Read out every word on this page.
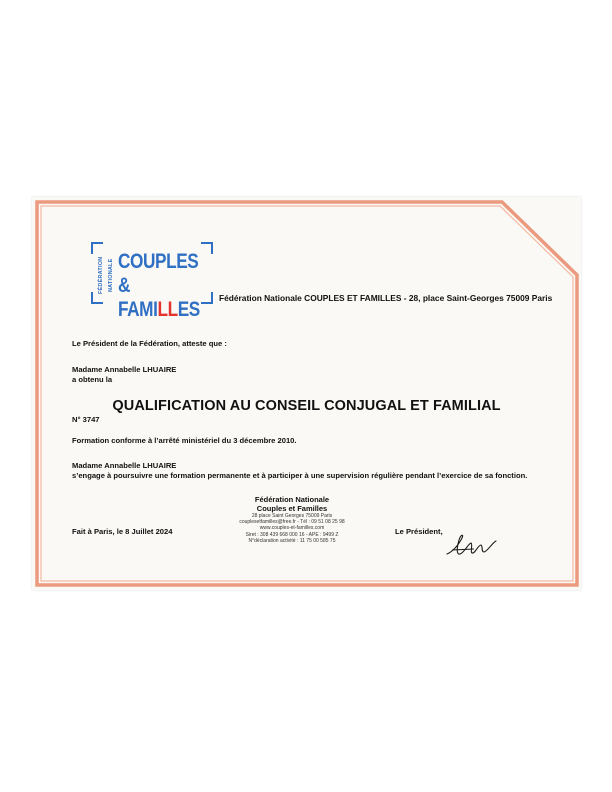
FÉDÉRATION NATIONALE COUPLES
& FAMILLES Fédération Nationale COUPLES ET FAMILLES - 28, place Saint-Georges 75009 Paris
Le Président de la Fédération, atteste que :
Madame Annabelle LHUAIRE
a obtenu la
QUALIFICATION AU CONSEIL CONJUGAL ET FAMILIAL
N° 3747
Formation conforme à l’arrêté ministériel du 3 décembre 2010.
Madame Annabelle LHUAIRE
s’engage à poursuivre une formation permanente et à participer à une supervision régulière pendant l’exercice de sa fonction.
Fédération Nationale
Couples et Familles
28 place Saint Georges 75009 Paris
couplesetfamilles@free.fr - Tél : 09 51 08 25 98
www.couples-et-familles.com
Siret : 308 439 668 000 16 - APE : 9499 Z
N°déclaration activité : 11 75 00 585 75
Fait à Paris, le 8 Juillet 2024	Le Président,
